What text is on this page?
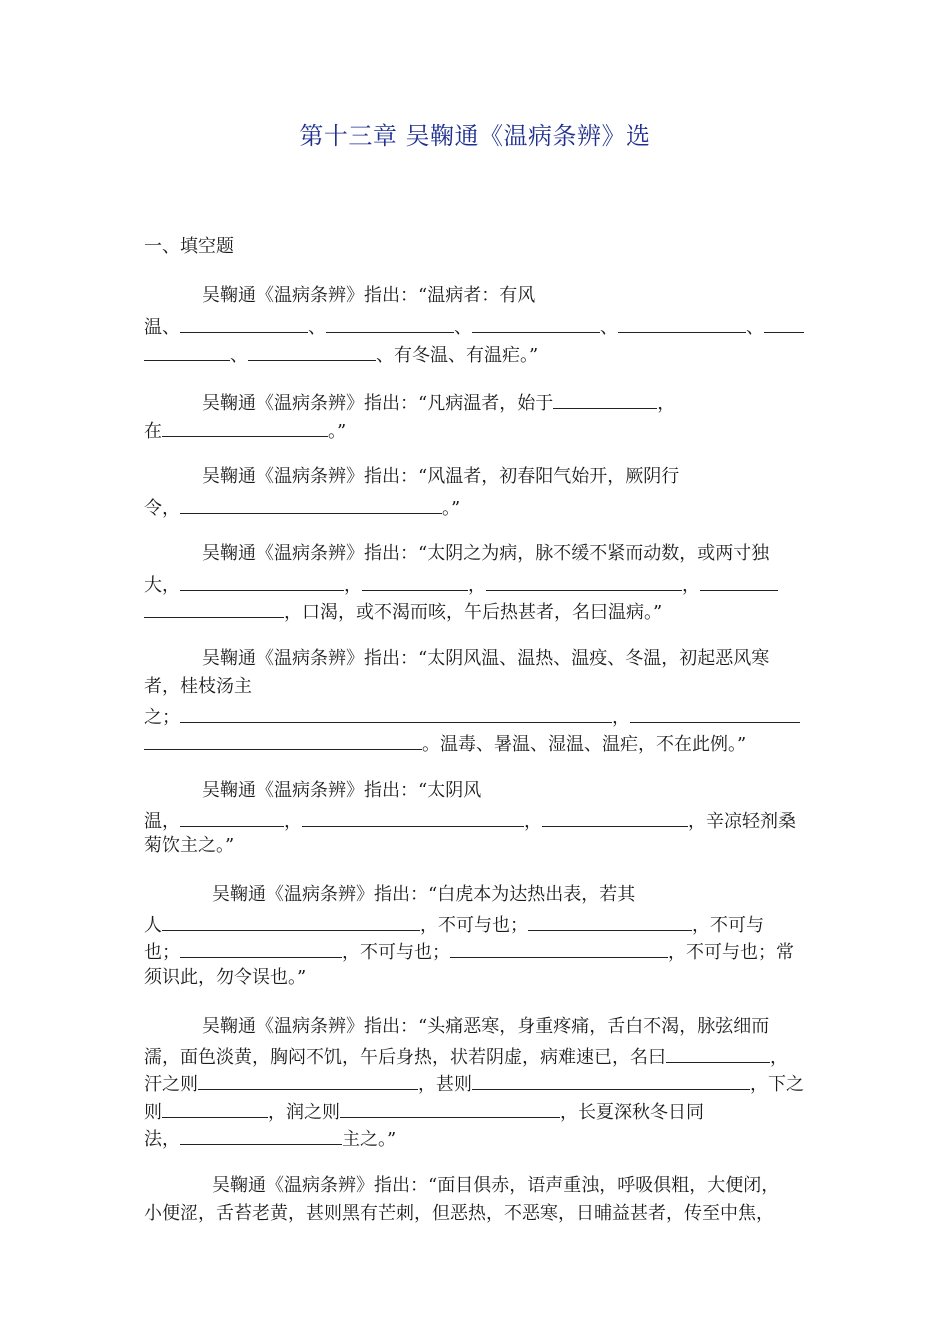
第十三章 吴鞠通《温病条辨》选
一、填空题
吴鞠通《温病条辨》指出：“温病者：有风
温、	、	、	、	、
、	、有冬温、有温疟。”
吴鞠通《温病条辨》指出：“凡病温者，始于	，
在	。”
吴鞠通《温病条辨》指出：“风温者，初春阳气始开，厥阴行
令，	。”
吴鞠通《温病条辨》指出：“太阴之为病，脉不缓不紧而动数，或两寸独
大，	，	，	，
，口渴，或不渴而咳，午后热甚者，名曰温病。”
吴鞠通《温病条辨》指出：“太阴风温、温热、温疫、冬温，初起恶风寒
者，桂枝汤主
之；	，
。温毒、暑温、湿温、温疟，不在此例。”
吴鞠通《温病条辨》指出：“太阴风
温，	，	，	，辛凉轻剂桑
菊饮主之。”
吴鞠通《温病条辨》指出：“白虎本为达热出表，若其
人	，不可与也；	，不可与
也；	，不可与也；	，不可与也；常
须识此，勿令误也。”
吴鞠通《温病条辨》指出：“头痛恶寒，身重疼痛，舌白不渴，脉弦细而
濡，面色淡黄，胸闷不饥，午后身热，状若阴虚，病难速已，名曰	，
汗之则	，甚则	，下之
则	，润之则	，长夏深秋冬日同
法，	主之。”
吴鞠通《温病条辨》指出：“面目俱赤，语声重浊，呼吸俱粗，大便闭，
小便涩，舌苔老黄，甚则黑有芒刺，但恶热，不恶寒，日晡益甚者，传至中焦，
